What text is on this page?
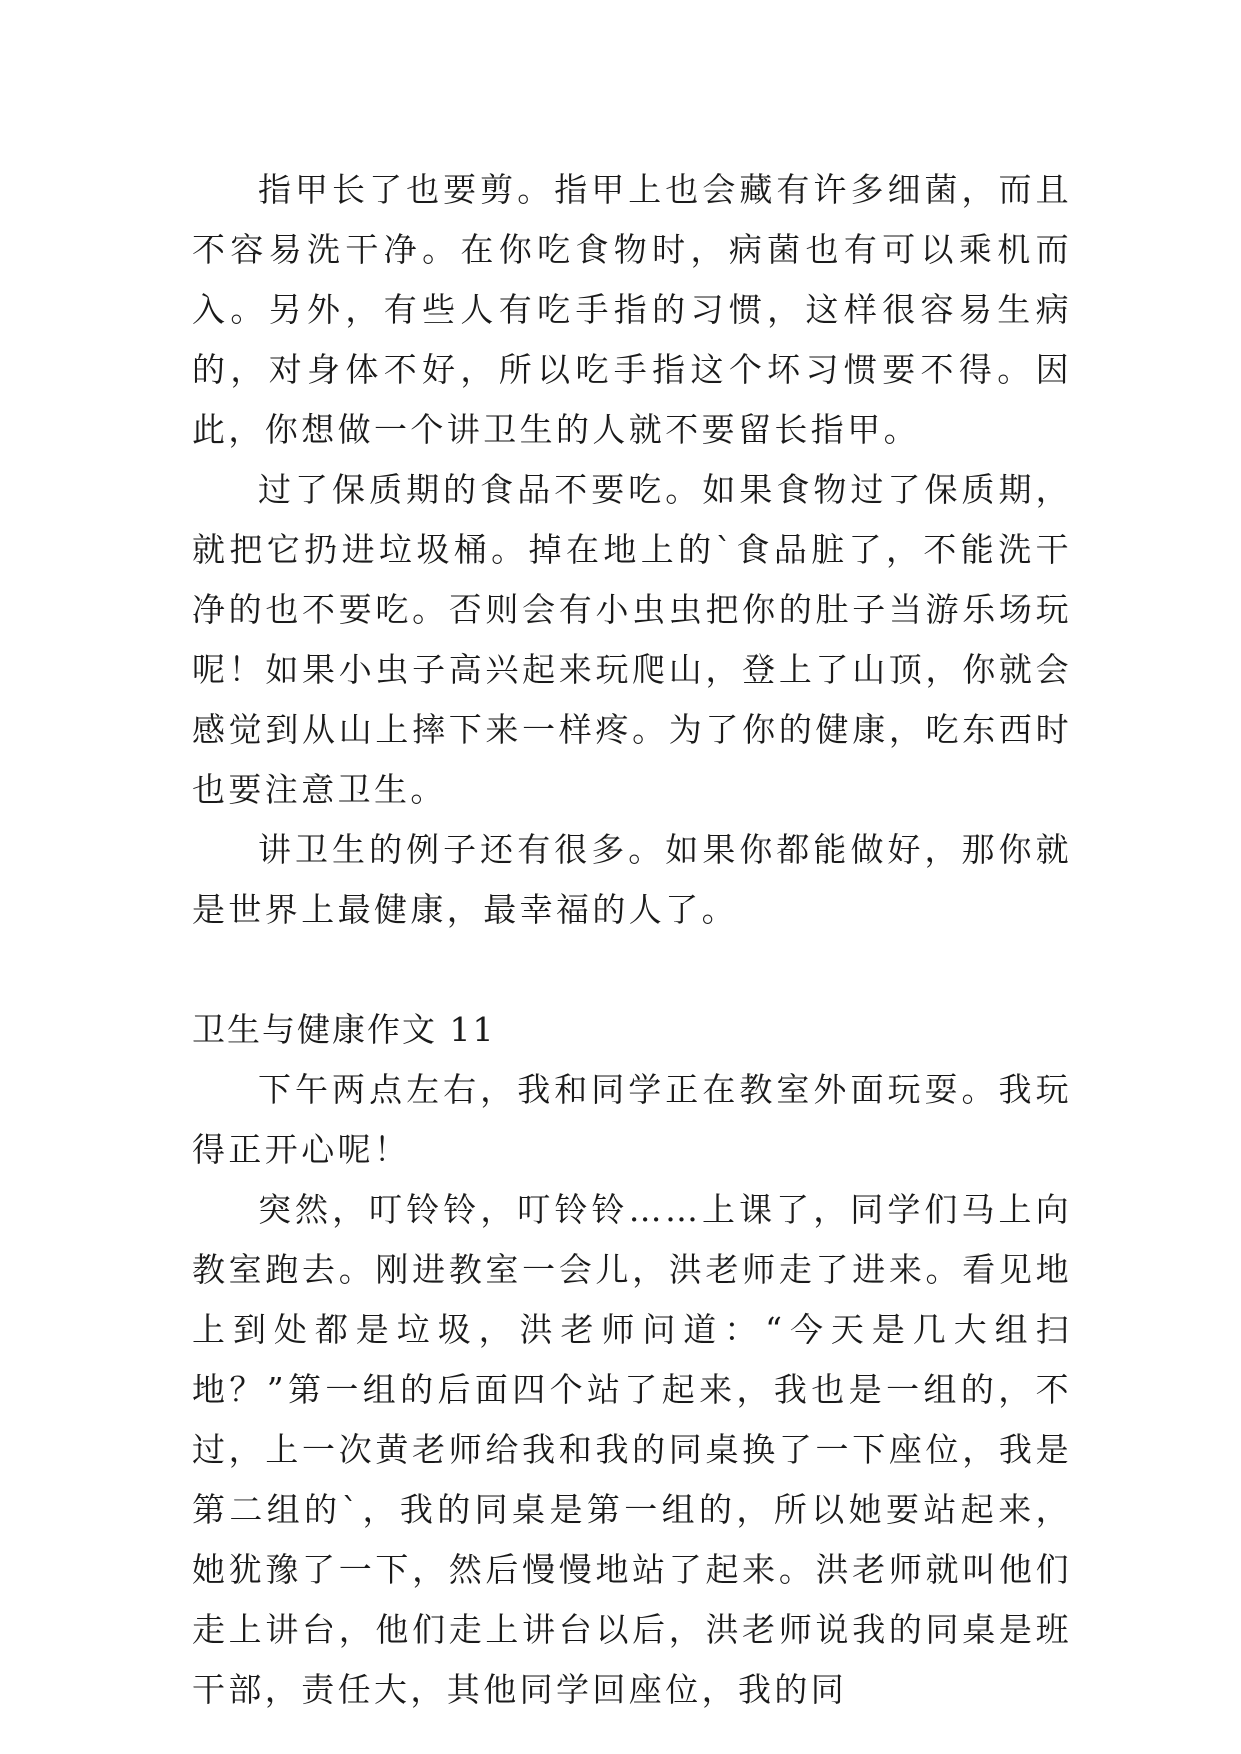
指甲长了也要剪。指甲上也会藏有许多细菌，而且不容易洗干净。在你吃食物时，病菌也有可以乘机而入。另外，有些人有吃手指的习惯，这样很容易生病的，对身体不好，所以吃手指这个坏习惯要不得。因此，你想做一个讲卫生的人就不要留长指甲。

过了保质期的食品不要吃。如果食物过了保质期，就把它扔进垃圾桶。掉在地上的`食品脏了，不能洗干净的也不要吃。否则会有小虫虫把你的肚子当游乐场玩呢！如果小虫子高兴起来玩爬山，登上了山顶，你就会感觉到从山上摔下来一样疼。为了你的健康，吃东西时也要注意卫生。

讲卫生的例子还有很多。如果你都能做好，那你就是世界上最健康，最幸福的人了。

卫生与健康作文 11

下午两点左右，我和同学正在教室外面玩耍。我玩得正开心呢！

突然，叮铃铃，叮铃铃……上课了，同学们马上向教室跑去。刚进教室一会儿，洪老师走了进来。看见地上到处都是垃圾，洪老师问道：“今天是几大组扫地？”第一组的后面四个站了起来，我也是一组的，不过，上一次黄老师给我和我的同桌换了一下座位，我是第二组的`，我的同桌是第一组的，所以她要站起来，她犹豫了一下，然后慢慢地站了起来。洪老师就叫他们走上讲台，他们走上讲台以后，洪老师说我的同桌是班干部，责任大，其他同学回座位，我的同
